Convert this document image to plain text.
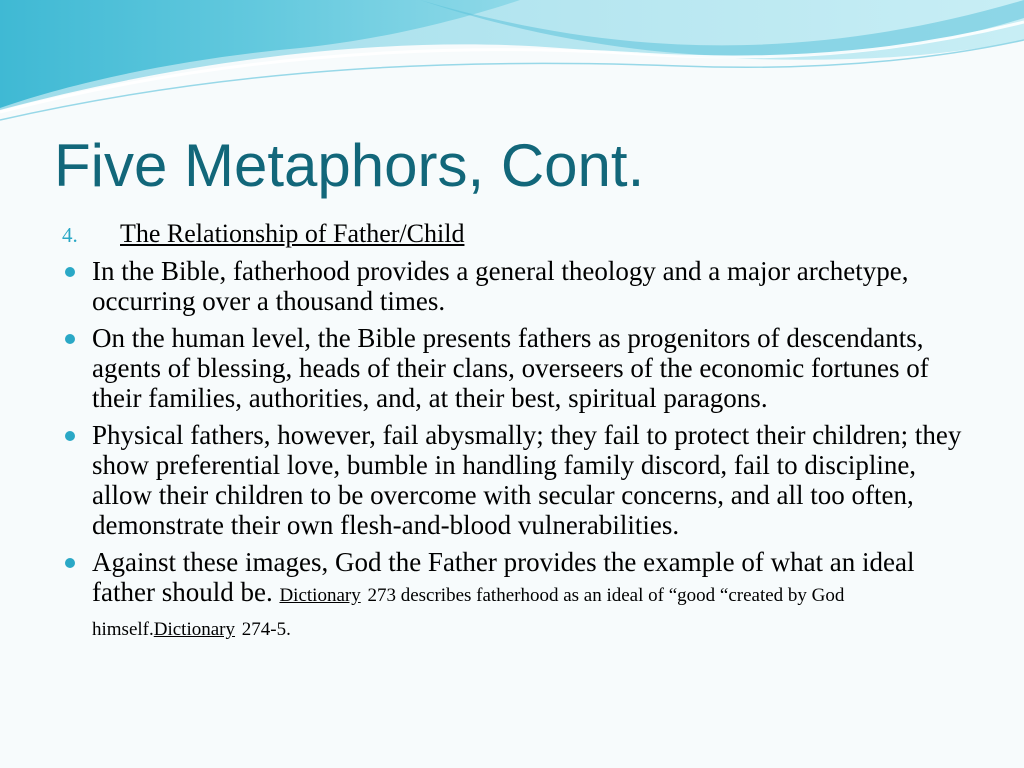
Five Metaphors, Cont.
4. The Relationship of Father/Child
In the Bible, fatherhood provides a general theology and a major archetype, occurring over a thousand times.
On the human level, the Bible presents fathers as progenitors of descendants, agents of blessing, heads of their clans, overseers of the economic fortunes of their families, authorities, and, at their best, spiritual paragons.
Physical fathers, however, fail abysmally; they fail to protect their children; they show preferential love, bumble in handling family discord, fail to discipline, allow their children to be overcome with secular concerns, and all too often, demonstrate their own flesh-and-blood vulnerabilities.
Against these images, God the Father provides the example of what an ideal father should be. Dictionary 273 describes fatherhood as an ideal of “good “created by God himself.Dictionary 274-5.
